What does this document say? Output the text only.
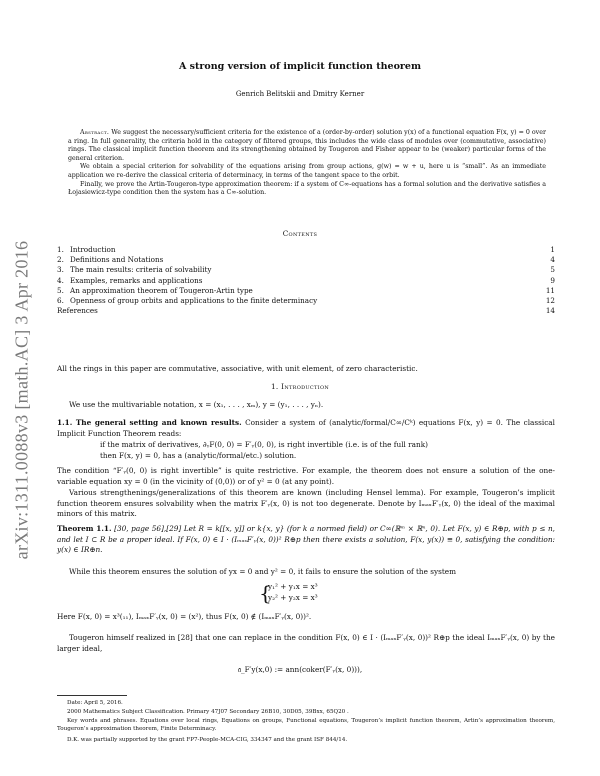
arXiv:1311.0088v3 [math.AC] 3 Apr 2016
A strong version of implicit function theorem
Genrich Belitskii and Dmitry Kerner

Abstract. We suggest the necessary/sufficient criteria for the existence of a (order-by-order) solution y(x) of a functional equation F(x, y) = 0 over a ring. In full generality, the criteria hold in the category of filtered groups, this includes the wide class of modules over (commutative, associative) rings. The classical implicit function theorem and its strengthening obtained by Tougeron and Fisher appear to be (weaker) particular forms of the general criterion.

We obtain a special criterion for solvability of the equations arising from group actions, g(w) = w + u, here u is “small”. As an immediate application we re-derive the classical criteria of determinacy, in terms of the tangent space to the orbit.

Finally, we prove the Artin-Tougeron-type approximation theorem: if a system of C∞-equations has a formal solution and the derivative satisfies a Łojasiewicz-type condition then the system has a C∞-solution.

Contents
1. Introduction	1
2. Definitions and Notations	4
3. The main results: criteria of solvability	5
4. Examples, remarks and applications	9
5. An approximation theorem of Tougeron-Artin type	11
6. Openness of group orbits and applications to the finite determinacy	12
References	14
All the rings in this paper are commutative, associative, with unit element, of zero characteristic.
1. Introduction
We use the multivariable notation, x = (x₁, . . . , xₘ), y = (y₁, . . . , yₙ).
1.1. The general setting and known results. Consider a system of (analytic/formal/C∞/Cᵏ) equations F(x, y) = 0. The classical Implicit Function Theorem reads:
if the matrix of derivatives, ∂ᵧF(0, 0) = F′ᵧ(0, 0), is right invertible (i.e. is of the full rank)
then F(x, y) = 0, has a (analytic/formal/etc.) solution.
The condition “F′ᵧ(0, 0) is right invertible” is quite restrictive. For example, the theorem does not ensure a solution of the one-variable equation xy = 0 (in the vicinity of (0,0)) or of y² = 0 (at any point).
Various strengthenings/generalizations of this theorem are known (including Hensel lemma). For example, Tougeron’s implicit function theorem ensures solvability when the matrix F′ᵧ(x, 0) is not too degenerate. Denote by IₘₐₓF′ᵧ(x, 0) the ideal of the maximal minors of this matrix.
Theorem 1.1. [30, page 56],[29] Let R = k[[x, y]] or k{x, y} (for k a normed field) or C∞(ℝᵐ × ℝⁿ, 0). Let F(x, y) ∈ R⊕p, with p ≤ n, and let I ⊂ R be a proper ideal. If F(x, 0) ∈ I · (IₘₐₓF′ᵧ(x, 0))² R⊕p then there exists a solution, F(x, y(x)) ≡ 0, satisfying the condition: y(x) ∈ IR⊕n.
While this theorem ensures the solution of yx = 0 and y² = 0, it fails to ensure the solution of the system
{
y₁² + y₁x = x³
y₂² + y₂x = x³
Here F(x, 0) = x³(₁₁), IₘₐₓF′ᵧ(x, 0) = (x²), thus F(x, 0) ∉ (IₘₐₓF′ᵧ(x, 0))².
Tougeron himself realized in [28] that one can replace in the condition F(x, 0) ∈ I · (IₘₐₓF′ᵧ(x, 0))² R⊕p the ideal IₘₐₓF′ᵧ(x, 0) by the larger ideal,
𝔞_F′y(x,0) := ann(coker(F′ᵧ(x, 0))),
Date: April 5, 2016.
2000 Mathematics Subject Classification. Primary 47J07 Secondary 26B10, 30D05, 39Bxx, 65Q20 .
Key words and phrases. Equations over local rings, Equations on groups, Functional equations, Tougeron’s implicit function theorem, Artin’s approximation theorem, Tougeron’s approximation theorem, Finite Determinacy.
D.K. was partially supported by the grant FP7-People-MCA-CIG, 334347 and the grant ISF 844/14.
